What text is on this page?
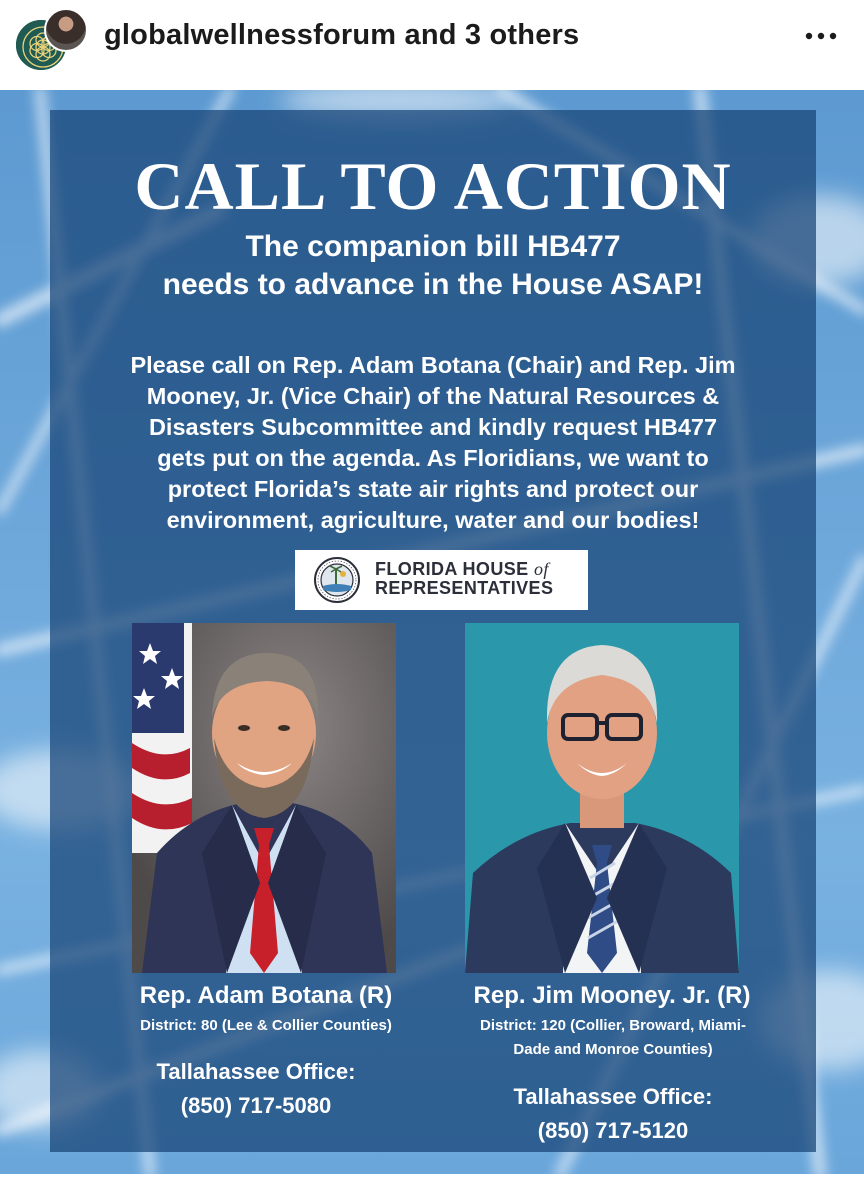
globalwellnessforum and 3 others
CALL TO ACTION
The companion bill HB477
needs to advance in the House ASAP!
Please call on Rep. Adam Botana (Chair) and Rep. Jim
Mooney, Jr. (Vice Chair) of the Natural Resources &
Disasters Subcommittee and kindly request HB477
gets put on the agenda. As Floridians, we want to
protect Florida’s state air rights and protect our
environment, agriculture, water and our bodies!
FLORIDA HOUSE of
REPRESENTATIVES
Rep. Adam Botana (R)
District: 80 (Lee & Collier Counties)
Tallahassee Office:
(850) 717-5080
Rep. Jim Mooney. Jr. (R)
District: 120 (Collier, Broward, Miami-
Dade and Monroe Counties)
Tallahassee Office:
(850) 717-5120
